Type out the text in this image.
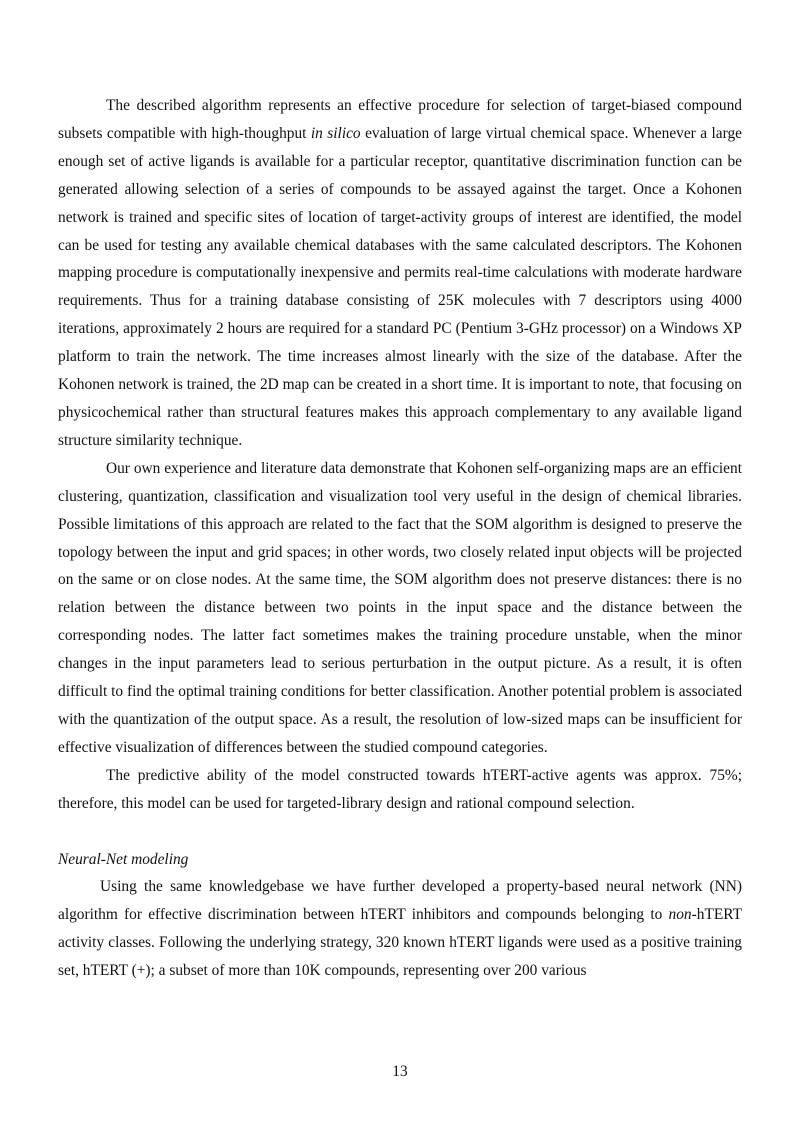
The described algorithm represents an effective procedure for selection of target-biased compound subsets compatible with high-thoughput in silico evaluation of large virtual chemical space. Whenever a large enough set of active ligands is available for a particular receptor, quantitative discrimination function can be generated allowing selection of a series of compounds to be assayed against the target. Once a Kohonen network is trained and specific sites of location of target-activity groups of interest are identified, the model can be used for testing any available chemical databases with the same calculated descriptors. The Kohonen mapping procedure is computationally inexpensive and permits real-time calculations with moderate hardware requirements. Thus for a training database consisting of 25K molecules with 7 descriptors using 4000 iterations, approximately 2 hours are required for a standard PC (Pentium 3-GHz processor) on a Windows XP platform to train the network. The time increases almost linearly with the size of the database. After the Kohonen network is trained, the 2D map can be created in a short time. It is important to note, that focusing on physicochemical rather than structural features makes this approach complementary to any available ligand structure similarity technique.

Our own experience and literature data demonstrate that Kohonen self-organizing maps are an efficient clustering, quantization, classification and visualization tool very useful in the design of chemical libraries. Possible limitations of this approach are related to the fact that the SOM algorithm is designed to preserve the topology between the input and grid spaces; in other words, two closely related input objects will be projected on the same or on close nodes. At the same time, the SOM algorithm does not preserve distances: there is no relation between the distance between two points in the input space and the distance between the corresponding nodes. The latter fact sometimes makes the training procedure unstable, when the minor changes in the input parameters lead to serious perturbation in the output picture. As a result, it is often difficult to find the optimal training conditions for better classification. Another potential problem is associated with the quantization of the output space. As a result, the resolution of low-sized maps can be insufficient for effective visualization of differences between the studied compound categories.

The predictive ability of the model constructed towards hTERT-active agents was approx. 75%; therefore, this model can be used for targeted-library design and rational compound selection.

Neural-Net modeling

Using the same knowledgebase we have further developed a property-based neural network (NN) algorithm for effective discrimination between hTERT inhibitors and compounds belonging to non-hTERT activity classes. Following the underlying strategy, 320 known hTERT ligands were used as a positive training set, hTERT (+); a subset of more than 10K compounds, representing over 200 various

13
